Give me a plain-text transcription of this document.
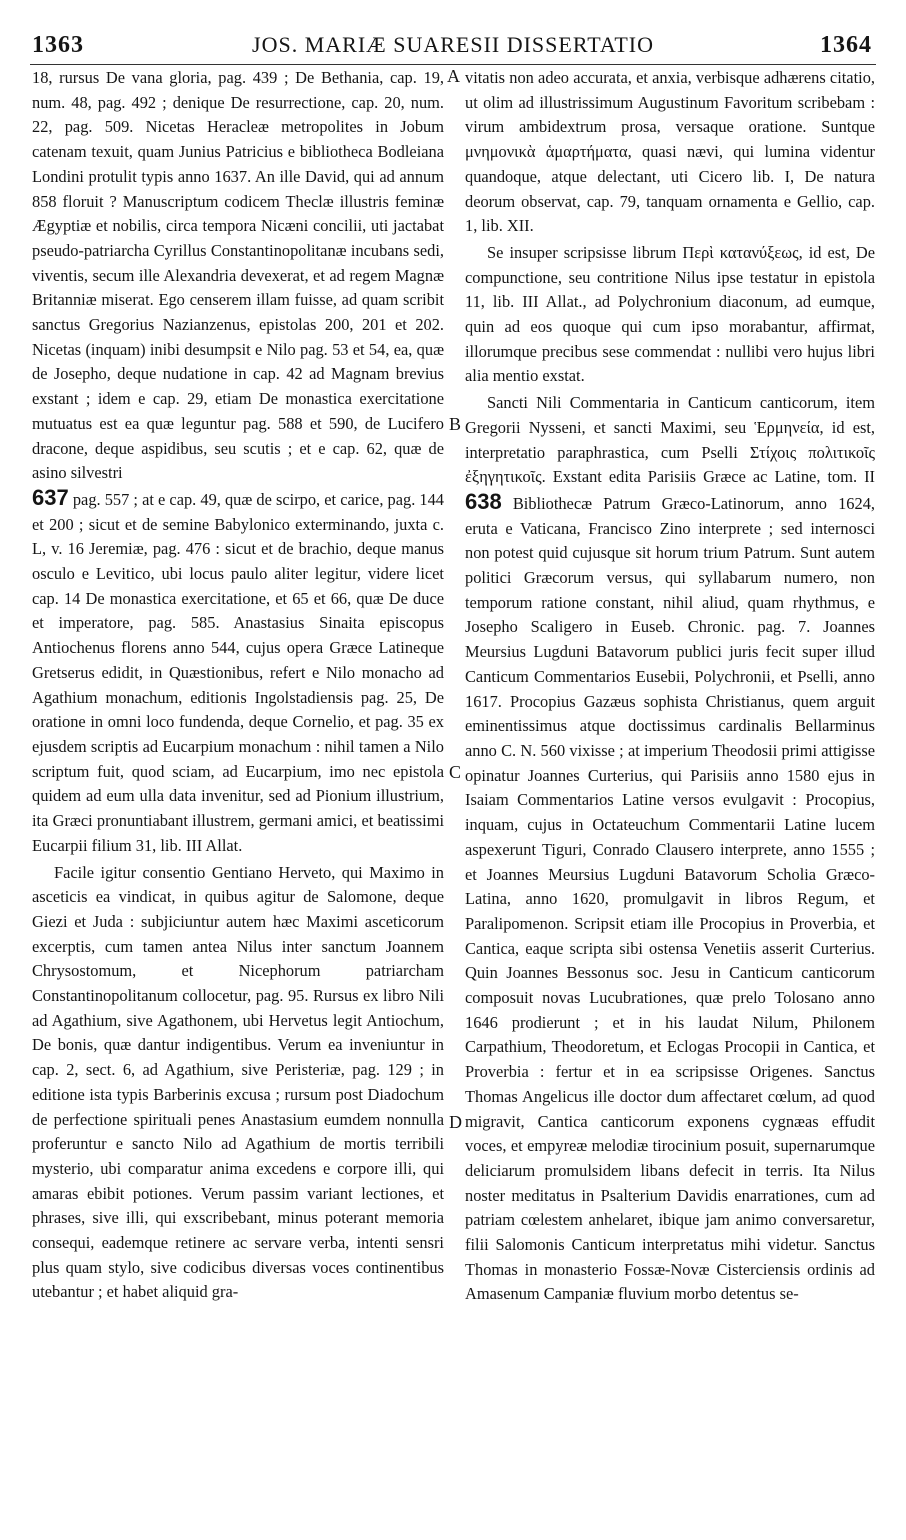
1363	JOS. MARIÆ SUARESII DISSERTATIO	1364
A
B
C
D

18, rursus De vana gloria, pag. 439 ; De Bethania, cap. 19, num. 48, pag. 492 ; denique De resurrectione, cap. 20, num. 22, pag. 509. Nicetas Heracleæ metropolites in Jobum catenam texuit, quam Junius Patricius e bibliotheca Bodleiana Londini protulit typis anno 1637. An ille David, qui ad annum 858 floruit ? Manuscriptum codicem Theclæ illustris feminæ Ægyptiæ et nobilis, circa tempora Nicæni concilii, uti jactabat pseudo-patriarcha Cyrillus Constantinopolitanæ incubans sedi, viventis, secum ille Alexandria devexerat, et ad regem Magnæ Britanniæ miserat. Ego censerem illam fuisse, ad quam scribit sanctus Gregorius Nazianzenus, epistolas 200, 201 et 202. Nicetas (inquam) inibi desumpsit e Nilo pag. 53 et 54, ea, quæ de Josepho, deque nudatione in cap. 42 ad Magnam brevius exstant ; idem e cap. 29, etiam De monastica exercitatione mutuatus est ea quæ leguntur pag. 588 et 590, de Lucifero dracone, deque aspidibus, seu scutis ; et e cap. 62, quæ de asino silvestri

637 pag. 557 ; at e cap. 49, quæ de scirpo, et carice, pag. 144 et 200 ; sicut et de semine Babylonico exterminando, juxta c. L, v. 16 Jeremiæ, pag. 476 : sicut et de brachio, deque manus osculo e Levitico, ubi locus paulo aliter legitur, videre licet cap. 14 De monastica exercitatione, et 65 et 66, quæ De duce et imperatore, pag. 585. Anastasius Sinaita episcopus Antiochenus florens anno 544, cujus opera Græce Latineque Gretserus edidit, in Quæstionibus, refert e Nilo monacho ad Agathium monachum, editionis Ingolstadiensis pag. 25, De oratione in omni loco fundenda, deque Cornelio, et pag. 35 ex ejusdem scriptis ad Eucarpium monachum : nihil tamen a Nilo scriptum fuit, quod sciam, ad Eucarpium, imo nec epistola quidem ad eum ulla data invenitur, sed ad Pionium illustrium, ita Græci pronuntiabant illustrem, germani amici, et beatissimi Eucarpii filium 31, lib. III Allat.

Facile igitur consentio Gentiano Herveto, qui Maximo in asceticis ea vindicat, in quibus agitur de Salomone, deque Giezi et Juda : subjiciuntur autem hæc Maximi asceticorum excerptis, cum tamen antea Nilus inter sanctum Joannem Chrysostomum, et Nicephorum patriarcham Constantinopolitanum collocetur, pag. 95. Rursus ex libro Nili ad Agathium, sive Agathonem, ubi Hervetus legit Antiochum, De bonis, quæ dantur indigentibus. Verum ea inveniuntur in cap. 2, sect. 6, ad Agathium, sive Peristeriæ, pag. 129 ; in editione ista typis Barberinis excusa ; rursum post Diadochum de perfectione spirituali penes Anastasium eumdem nonnulla proferuntur e sancto Nilo ad Agathium de mortis terribili mysterio, ubi comparatur anima excedens e corpore illi, qui amaras ebibit potiones. Verum passim variant lectiones, et phrases, sive illi, qui exscribebant, minus poterant memoria consequi, eademque retinere ac servare verba, intenti sensri plus quam stylo, sive codicibus diversas voces continentibus utebantur ; et habet aliquid gra-

vitatis non adeo accurata, et anxia, verbisque adhærens citatio, ut olim ad illustrissimum Augustinum Favoritum scribebam : virum ambidextrum prosa, versaque oratione. Suntque μνημονικὰ ἁμαρτήματα, quasi nævi, qui lumina videntur quandoque, atque delectant, uti Cicero lib. I, De natura deorum observat, cap. 79, tanquam ornamenta e Gellio, cap. 1, lib. XII.

Se insuper scripsisse librum Περὶ κατανύξεως, id est, De compunctione, seu contritione Nilus ipse testatur in epistola 11, lib. III Allat., ad Polychronium diaconum, ad eumque, quin ad eos quoque qui cum ipso morabantur, affirmat, illorumque precibus sese commendat : nullibi vero hujus libri alia mentio exstat.

Sancti Nili Commentaria in Canticum canticorum, item Gregorii Nysseni, et sancti Maximi, seu Ἑρμηνεία, id est, interpretatio paraphrastica, cum Pselli Στίχοις πολιτικοῖς ἐξηγητικοῖς. Exstant edita Parisiis Græce ac Latine, tom. II 638 Bibliothecæ Patrum Græco-Latinorum, anno 1624, eruta e Vaticana, Francisco Zino interprete ; sed internosci non potest quid cujusque sit horum trium Patrum. Sunt autem politici Græcorum versus, qui syllabarum numero, non temporum ratione constant, nihil aliud, quam rhythmus, e Josepho Scaligero in Euseb. Chronic. pag. 7. Joannes Meursius Lugduni Batavorum publici juris fecit super illud Canticum Commentarios Eusebii, Polychronii, et Pselli, anno 1617. Procopius Gazæus sophista Christianus, quem arguit eminentissimus atque doctissimus cardinalis Bellarminus anno C. N. 560 vixisse ; at imperium Theodosii primi attigisse opinatur Joannes Curterius, qui Parisiis anno 1580 ejus in Isaiam Commentarios Latine versos evulgavit : Procopius, inquam, cujus in Octateuchum Commentarii Latine lucem aspexerunt Tiguri, Conrado Clausero interprete, anno 1555 ; et Joannes Meursius Lugduni Batavorum Scholia Græco-Latina, anno 1620, promulgavit in libros Regum, et Paralipomenon. Scripsit etiam ille Procopius in Proverbia, et Cantica, eaque scripta sibi ostensa Venetiis asserit Curterius. Quin Joannes Bessonus soc. Jesu in Canticum canticorum composuit novas Lucubrationes, quæ prelo Tolosano anno 1646 prodierunt ; et in his laudat Nilum, Philonem Carpathium, Theodoretum, et Eclogas Procopii in Cantica, et Proverbia : fertur et in ea scripsisse Origenes. Sanctus Thomas Angelicus ille doctor dum affectaret cœlum, ad quod migravit, Cantica canticorum exponens cygnæas effudit voces, et empyreæ melodiæ tirocinium posuit, supernarumque deliciarum promulsidem libans defecit in terris. Ita Nilus noster meditatus in Psalterium Davidis enarrationes, cum ad patriam cœlestem anhelaret, ibique jam animo conversaretur, filii Salomonis Canticum interpretatus mihi videtur. Sanctus Thomas in monasterio Fossæ-Novæ Cisterciensis ordinis ad Amasenum Campaniæ fluvium morbo detentus se-
